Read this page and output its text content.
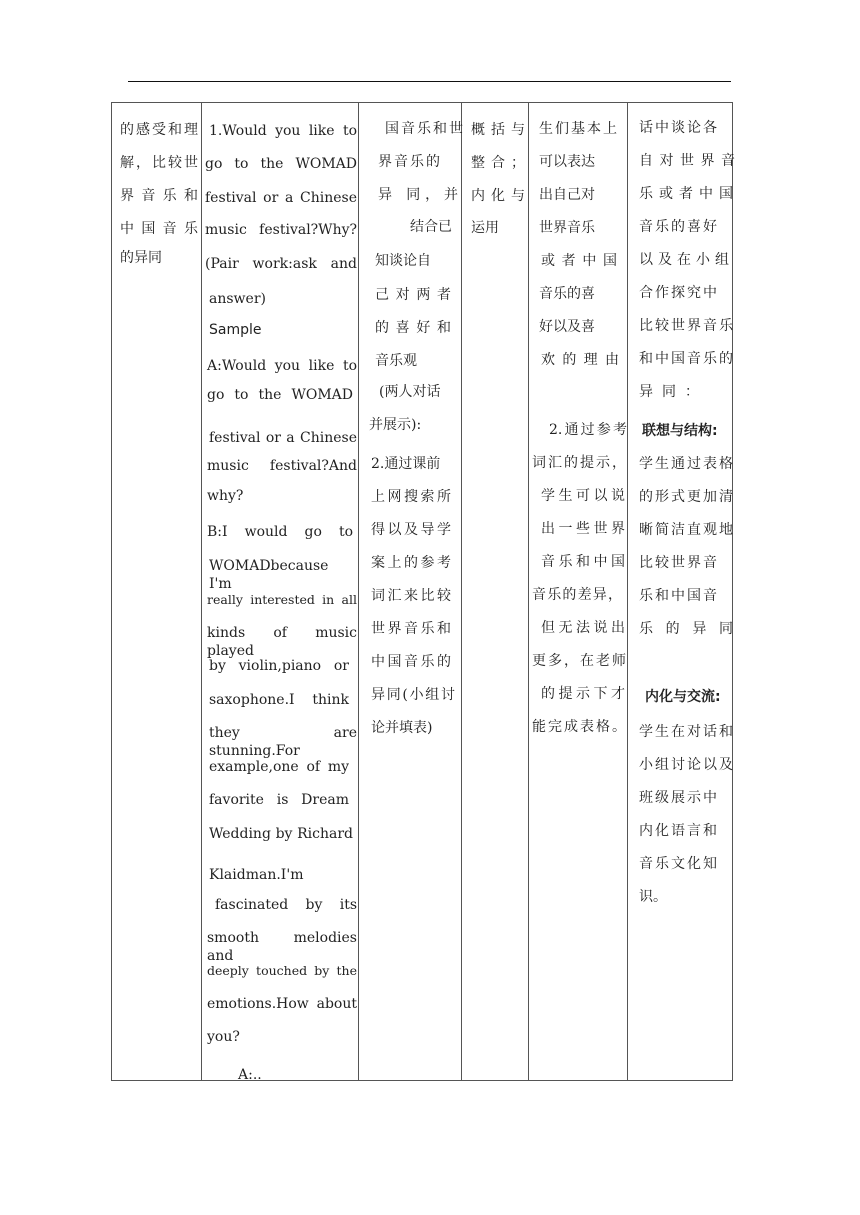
的感受和理
解，比较世
界 音 乐 和
中 国 音 乐
的异同
1.Would you like to
go to the WOMAD
festival or a Chinese
music festival?Why?
(Pair work:ask and
answer)
Sample
A:Would you like to
go to the WOMAD
festival or a Chinese
music festival?And
why?
B:I would go to
WOMADbecause I'm
really interested in all
kinds of music played
by violin,piano or
saxophone.I think
they are stunning.For
example,one of my
favorite is Dream
Wedding by Richard
Klaidman.I'm
fascinated by its
smooth melodies and
deeply touched by the
emotions.How about
you?
A:..
国音乐和世
界音乐的
异 同，并
结合已
知谈论自
己 对 两 者
的 喜 好 和
音乐观
(两人对话
并展示):
2.通过课前
上网搜索所
得以及导学
案上的参考
词汇来比较
世界音乐和
中国音乐的
异同(小组讨
论并填表)
概 括 与
整 合 ；
内 化 与
运用
生们基本上
可以表达
出自己对
世界音乐
或 者 中 国
音乐的喜
好以及喜
欢 的 理 由
2.通过参考
词汇的提示，
学生可以说
出一些世界
音乐和中国
音乐的差异，
但无法说出
更多，在老师
的提示下才
能完成表格。
话中谈论各
自 对 世 界 音
乐或者中国
音乐的喜好
以 及 在 小 组
合作探究中
比较世界音乐
和中国音乐的
异 同 ：
联想与结构:
学生通过表格
的形式更加清
晰简洁直观地
比较世界音
乐和中国音
乐 的 异 同
内化与交流:
学生在对话和
小组讨论以及
班级展示中
内化语言和
音乐文化知
识。
